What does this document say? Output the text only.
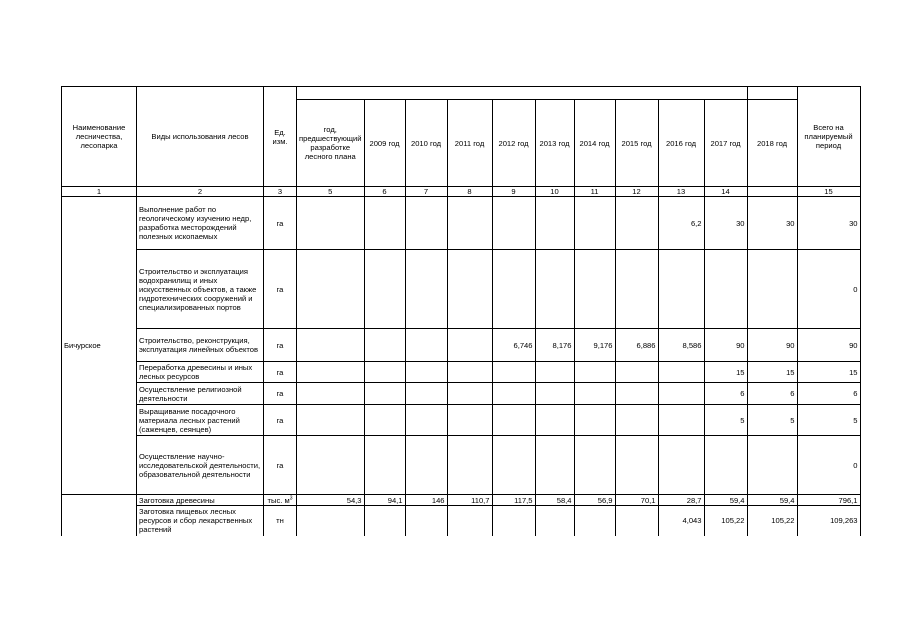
Наименование лесничества, лесопарка	Виды использования лесов	Ед. изм.												Всего на планируемый период
			год, предшествующий разработке лесного плана	2009 год	2010 год	2011 год	2012 год	2013 год	2014 год	2015 год	2016 год	2017 год	2018 год	
1	2	3	5	6	7	8	9	10	11	12	13	14		15
Бичурское	Выполнение работ по геологическому изучению недр, разработка месторождений полезных ископаемых	га									6,2	30	30	30
	Строительство и эксплуатация водохранилищ и иных искусственных объектов, а также гидротехнических сооружений и специализированных портов	га												0
	Строительство, реконструкция, эксплуатация линейных объектов	га					6,746	8,176	9,176	6,886	8,586	90	90	90
	Переработка древесины и иных лесных ресурсов	га										15	15	15
	Осуществление религиозной деятельности	га										6	6	6
	Выращивание посадочного материала лесных растений (саженцев, сеянцев)	га										5	5	5
	Осуществление научно-исследовательской деятельности, образовательной деятельности	га												0
	Заготовка древесины	тыс. $м^3$	54,3	94,1	146	110,7	117,5	58,4	56,9	70,1	28,7	59,4	59,4	796,1
	Заготовка пищевых лесных ресурсов и сбор лекарственных растений	тн									4,043	105,22	105,22	109,263
